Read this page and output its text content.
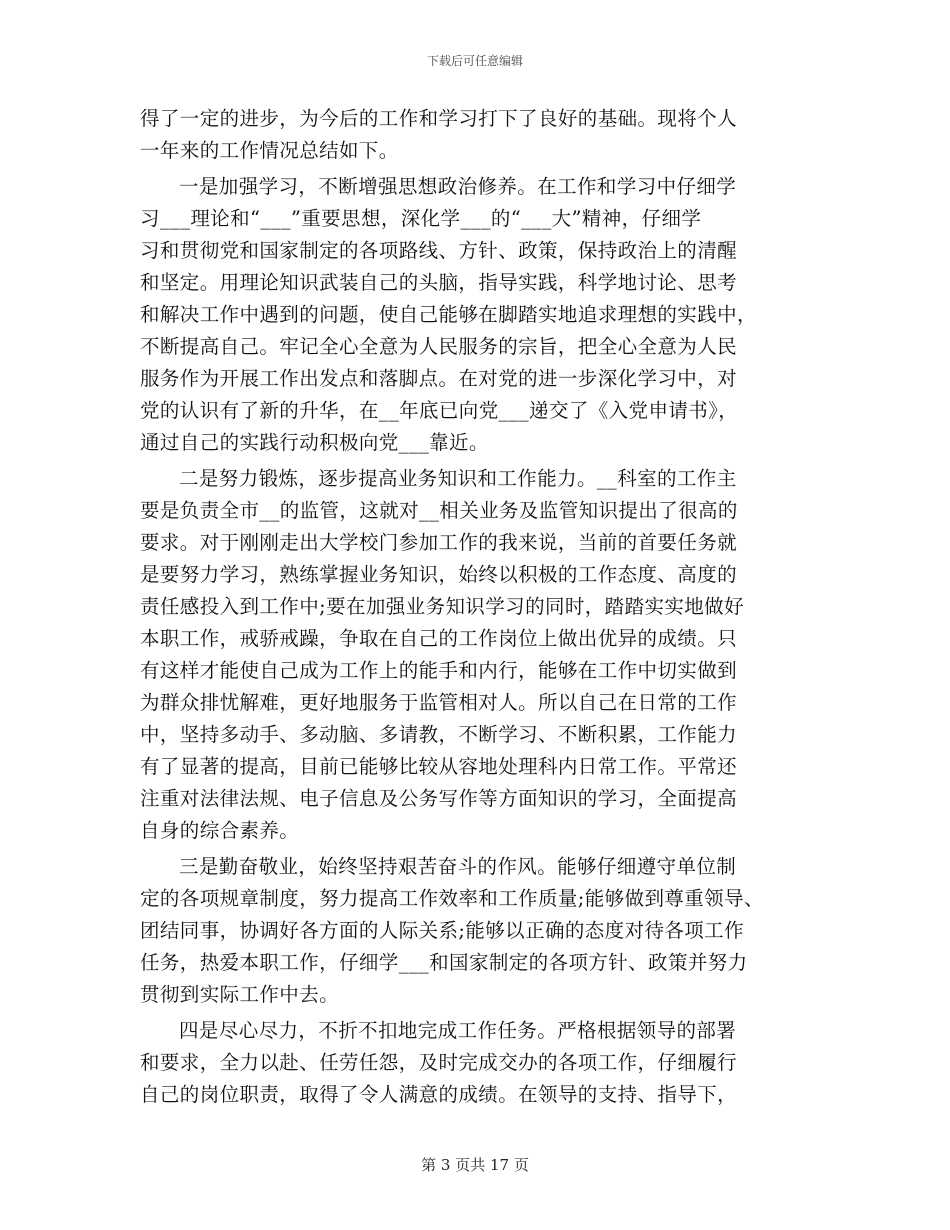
下载后可任意编辑
得了一定的进步，为今后的工作和学习打下了良好的基础。现将个人
一年来的工作情况总结如下。
一是加强学习，不断增强思想政治修养。在工作和学习中仔细学
习___理论和“___”重要思想，深化学___的“___大”精神，仔细学
习和贯彻党和国家制定的各项路线、方针、政策，保持政治上的清醒
和坚定。用理论知识武装自己的头脑，指导实践，科学地讨论、思考
和解决工作中遇到的问题，使自己能够在脚踏实地追求理想的实践中，
不断提高自己。牢记全心全意为人民服务的宗旨，把全心全意为人民
服务作为开展工作出发点和落脚点。在对党的进一步深化学习中，对
党的认识有了新的升华，在__年底已向党___递交了《入党申请书》，
通过自己的实践行动积极向党___靠近。
二是努力锻炼，逐步提高业务知识和工作能力。__科室的工作主
要是负责全市__的监管，这就对__相关业务及监管知识提出了很高的
要求。对于刚刚走出大学校门参加工作的我来说，当前的首要任务就
是要努力学习，熟练掌握业务知识，始终以积极的工作态度、高度的
责任感投入到工作中;要在加强业务知识学习的同时，踏踏实实地做好
本职工作，戒骄戒躁，争取在自己的工作岗位上做出优异的成绩。只
有这样才能使自己成为工作上的能手和内行，能够在工作中切实做到
为群众排忧解难，更好地服务于监管相对人。所以自己在日常的工作
中，坚持多动手、多动脑、多请教，不断学习、不断积累，工作能力
有了显著的提高，目前已能够比较从容地处理科内日常工作。平常还
注重对法律法规、电子信息及公务写作等方面知识的学习，全面提高
自身的综合素养。
三是勤奋敬业，始终坚持艰苦奋斗的作风。能够仔细遵守单位制
定的各项规章制度，努力提高工作效率和工作质量;能够做到尊重领导、
团结同事，协调好各方面的人际关系;能够以正确的态度对待各项工作
任务，热爱本职工作，仔细学___和国家制定的各项方针、政策并努力
贯彻到实际工作中去。
四是尽心尽力，不折不扣地完成工作任务。严格根据领导的部署
和要求，全力以赴、任劳任怨，及时完成交办的各项工作，仔细履行
自己的岗位职责，取得了令人满意的成绩。在领导的支持、指导下，
第 3 页共 17 页
